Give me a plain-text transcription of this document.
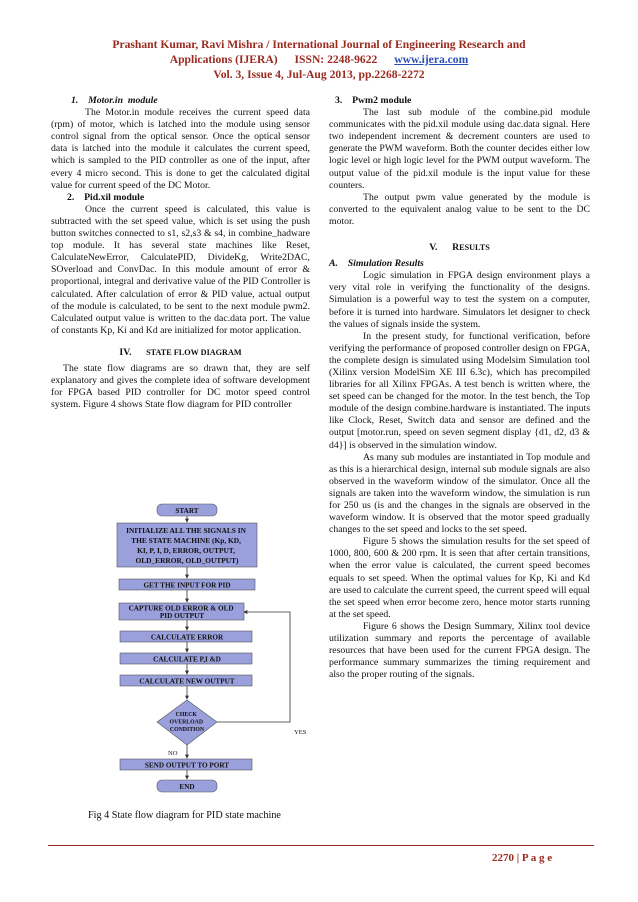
Prashant Kumar, Ravi Mishra / International Journal of Engineering Research and
Applications (IJERA) ISSN: 2248-9622 www.ijera.com
Vol. 3, Issue 4, Jul-Aug 2013, pp.2268-2272

1.    Motor.in  module

The Motor.in module receives the current speed data (rpm) of motor, which is latched into the module using sensor control signal from the optical sensor. Once the optical sensor data is latched into the module it calculates the current speed, which is sampled to the PID controller as one of the input, after every 4 micro second. This is done to get the calculated digital value for current speed of the DC Motor.

2.    Pid.xil module

Once the current speed is calculated, this value is subtracted with the set speed value, which is set using the push button switches connected to s1, s2,s3 & s4, in combine_hadware top module. It has several state machines like Reset, CalculateNewError, CalculatePID, DivideKg, Write2DAC, SOverload and ConvDac. In this module amount of error & proportional, integral and derivative value of the PID Controller is calculated. After calculation of error & PID value, actual output of the module is calculated, to be sent to the next module pwm2. Calculated output value is written to the dac.data port. The value of constants Kp, Ki and Kd are initialized for motor application.

IV. STATE FLOW DIAGRAM

The state flow diagrams are so drawn that, they are self explanatory and gives the complete idea of software development for FPGA based PID controller for DC motor speed control system. Figure 4 shows State flow diagram for PID controller

START
INITIALIZE ALL THE SIGNALS IN THE STATE MACHINE (Kp, KD, KI, P, I, D, ERROR, OUTPUT, OLD_ERROR, OLD_OUTPUT)
GET THE INPUT FOR PID
CAPTURE OLD ERROR & OLD PID OUTPUT
CALCULATE ERROR
CALCULATE P,I &D
CALCULATE NEW OUTPUT
CHECK OVERLOAD CONDITION	YES
NO
SEND OUTPUT TO PORT
END
Fig 4 State flow diagram for PID state machine

3.    Pwm2 module

The last sub module of the combine.pid module communicates with the pid.xil module using dac.data signal. Here two independent increment & decrement counters are used to generate the PWM waveform. Both the counter decides either low logic level or high logic level for the PWM output waveform. The output value of the pid.xil module is the input value for these counters.

The output pwm value generated by the module is converted to the equivalent analog value to be sent to the DC motor.

V. RESULTS

A.    Simulation Results

Logic simulation in FPGA design environment plays a very vital role in verifying the functionality of the designs. Simulation is a powerful way to test the system on a computer, before it is turned into hardware. Simulators let designer to check the values of signals inside the system.

In the present study, for functional verification, before verifying the performance of proposed controller design on FPGA, the complete design is simulated using Modelsim Simulation tool (Xilinx version ModelSim XE III 6.3c), which has precompiled libraries for all Xilinx FPGAs. A test bench is written where, the set speed can be changed for the motor. In the test bench, the Top module of the design combine.hardware is instantiated. The inputs like Clock, Reset, Switch data and sensor are defined and the output [motor.run, speed on seven segment display {d1, d2, d3 & d4}] is observed in the simulation window.

As many sub modules are instantiated in Top module and as this is a hierarchical design, internal sub module signals are also observed in the waveform window of the simulator. Once all the signals are taken into the waveform window, the simulation is run for 250 us (is and the changes in the signals are observed in the waveform window. It is observed that the motor speed gradually changes to the set speed and locks to the set speed.

Figure 5 shows the simulation results for the set speed of 1000, 800, 600 & 200 rpm. It is seen that after certain transitions, when the error value is calculated, the current speed becomes equals to set speed. When the optimal values for Kp, Ki and Kd are used to calculate the current speed, the current speed will equal the set speed when error become zero, hence motor starts running at the set speed.

Figure 6 shows the Design Summary, Xilinx tool device utilization summary and reports the percentage of available resources that have been used for the current FPGA design. The performance summary summarizes the timing requirement and also the proper routing of the signals.

2270 | P a g e
